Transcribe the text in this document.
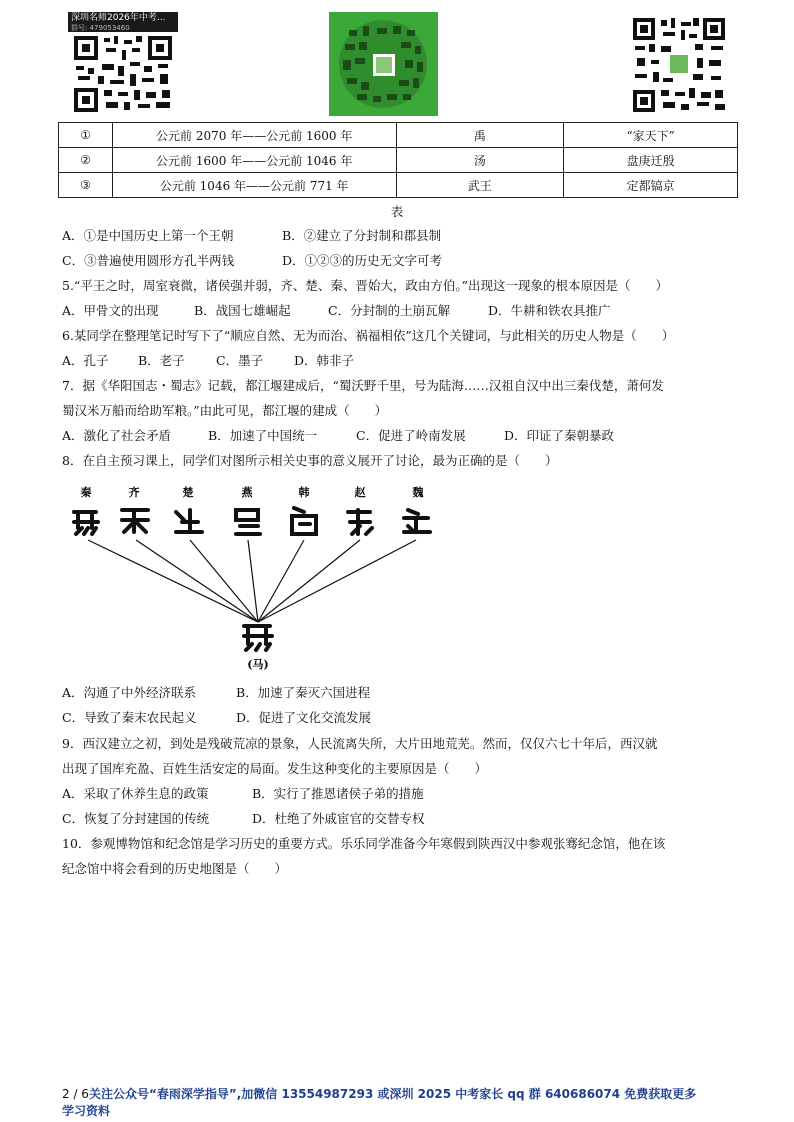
深圳名师2026年中考...
群号: 479053460
①	公元前 2070 年——公元前 1600 年	禹	“家天下”
②	公元前 1600 年——公元前 1046 年	汤	盘庚迁殷
③	公元前 1046 年——公元前 771 年	武王	定都镐京
表
A．①是中国历史上第一个王朝	B．②建立了分封制和郡县制
C．③普遍使用圆形方孔半两钱	D．①②③的历史无文字可考
5.“平王之时，周室衰微，诸侯强并弱，齐、楚、秦、晋始大，政由方伯。”出现这一现象的根本原因是（　　）
A．甲骨文的出现	B．战国七雄崛起	C．分封制的土崩瓦解	D．牛耕和铁农具推广
6.某同学在整理笔记时写下了“顺应自然、无为而治、祸福相依”这几个关键词，与此相关的历史人物是（　　）
A．孔子 B．老子	C．墨子 D．韩非子
7．据《华阳国志・蜀志》记载，都江堰建成后，“蜀沃野千里，号为陆海……汉祖自汉中出三秦伐楚，萧何发
蜀汉米万船而给助军粮。”由此可见，都江堰的建成（　　）
A．激化了社会矛盾	B．加速了中国统一	C．促进了岭南发展	D．印证了秦朝暴政
8．在自主预习课上，同学们对图所示相关史事的意义展开了讨论，最为正确的是（　　）
秦	齐	楚	燕	韩	赵	魏
(马)
A．沟通了中外经济联系	B．加速了秦灭六国进程
C．导致了秦末农民起义	D．促进了文化交流发展
9．西汉建立之初，到处是残破荒凉的景象，人民流离失所，大片田地荒芜。然而，仅仅六七十年后，西汉就
出现了国库充盈、百姓生活安定的局面。发生这种变化的主要原因是（　　）
A．采取了休养生息的政策	B．实行了推恩诸侯子弟的措施
C．恢复了分封建国的传统	D．杜绝了外戚宦官的交替专权
10．参观博物馆和纪念馆是学习历史的重要方式。乐乐同学准备今年寒假到陕西汉中参观张骞纪念馆，他在该
纪念馆中将会看到的历史地图是（　　）
2 / 6关注公众号“春雨深学指导”,加微信 13554987293 或深圳 2025 中考家长 qq 群 640686074 免费获取更多
学习资料
